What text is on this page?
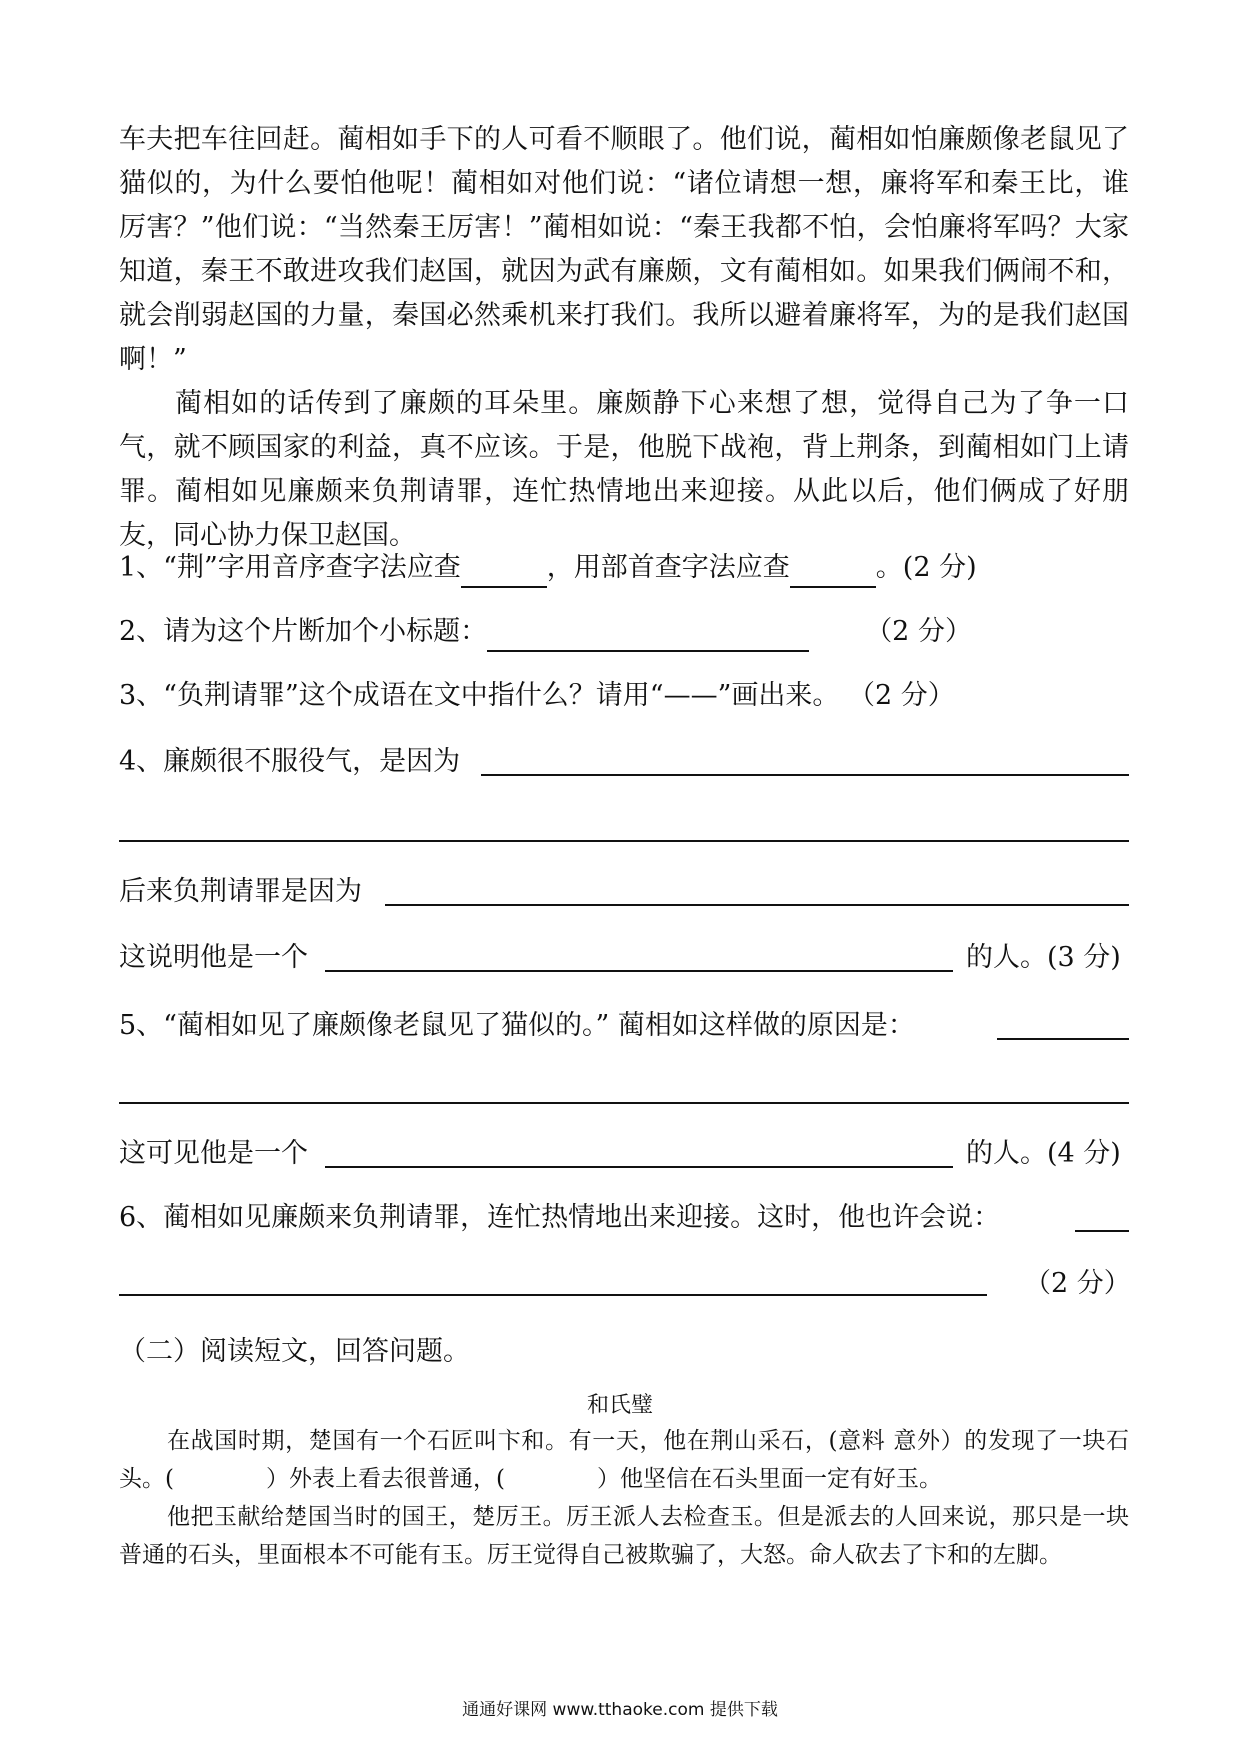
车夫把车往回赶。蔺相如手下的人可看不顺眼了。他们说，蔺相如怕廉颇像老鼠见了猫似的，为什么要怕他呢！蔺相如对他们说：“诸位请想一想，廉将军和秦王比，谁厉害？”他们说：“当然秦王厉害！”蔺相如说：“秦王我都不怕，会怕廉将军吗？大家知道，秦王不敢进攻我们赵国，就因为武有廉颇，文有蔺相如。如果我们俩闹不和，就会削弱赵国的力量，秦国必然乘机来打我们。我所以避着廉将军，为的是我们赵国啊！”

蔺相如的话传到了廉颇的耳朵里。廉颇静下心来想了想，觉得自己为了争一口气，就不顾国家的利益，真不应该。于是，他脱下战袍，背上荆条，到蔺相如门上请罪。蔺相如见廉颇来负荆请罪，连忙热情地出来迎接。从此以后，他们俩成了好朋友，同心协力保卫赵国。

1、“荆”字用音序查字法应查	，用部首查字法应查	。(2 分)
2、请为这个片断加个小标题：	（2 分）
3、“负荆请罪”这个成语在文中指什么？请用“——”画出来。 （2 分）
4、廉颇很不服役气，是因为
后来负荆请罪是因为
这说明他是一个	的人。(3 分)
5、“蔺相如见了廉颇像老鼠见了猫似的。” 蔺相如这样做的原因是：
这可见他是一个	的人。(4 分)
6、蔺相如见廉颇来负荆请罪，连忙热情地出来迎接。这时，他也许会说：
（2 分）
（二）阅读短文，回答问题。
和氏璧

在战国时期，楚国有一个石匠叫卞和。有一天，他在荆山采石，(意料 意外）的发现了一块石头。(　　　　）外表上看去很普通，(　　　　）他坚信在石头里面一定有好玉。

他把玉献给楚国当时的国王，楚厉王。厉王派人去检查玉。但是派去的人回来说，那只是一块普通的石头，里面根本不可能有玉。厉王觉得自己被欺骗了，大怒。命人砍去了卞和的左脚。

通通好课网 www.tthaoke.com 提供下载
